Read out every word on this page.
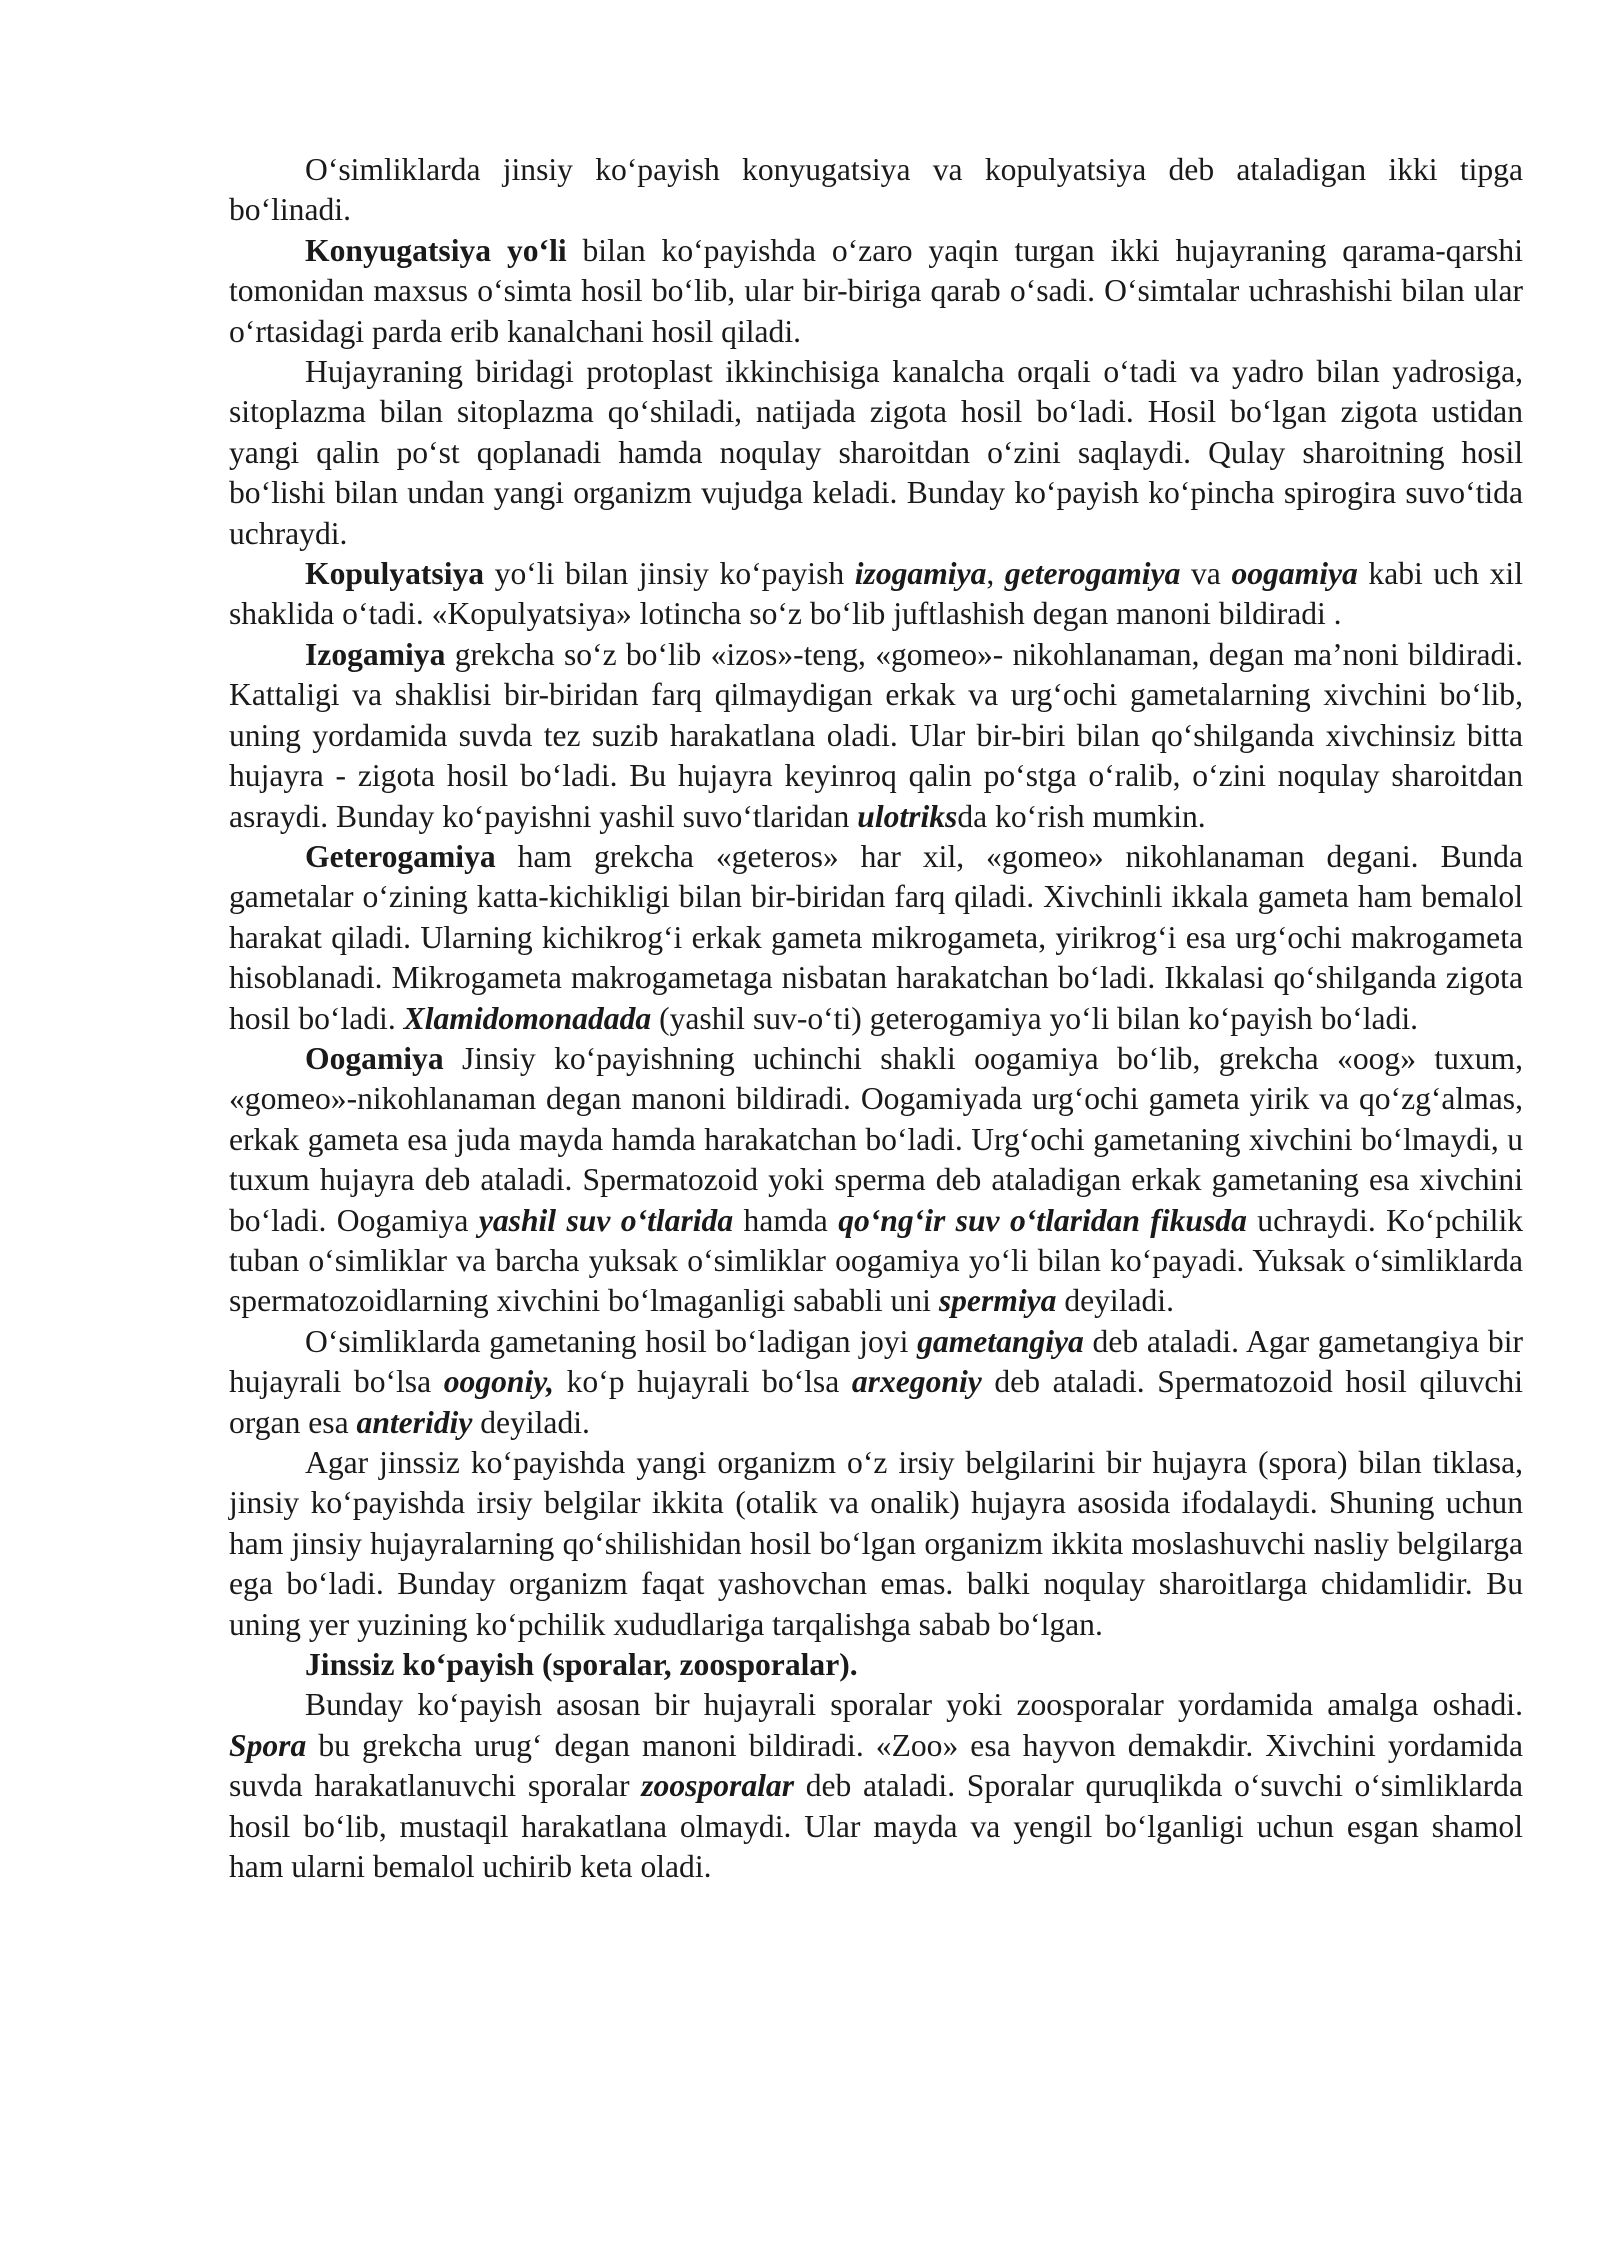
O‘simliklarda jinsiy ko‘payish konyugatsiya va kopulyatsiya deb ataladigan ikki tipga bo‘linadi.

Konyugatsiya yo‘li bilan ko‘payishda o‘zaro yaqin turgan ikki hujayraning qarama-qarshi tomonidan maxsus o‘simta hosil bo‘lib, ular bir-biriga qarab o‘sadi. O‘simtalar uchrashishi bilan ular o‘rtasidagi parda erib kanalchani hosil qiladi.

Hujayraning biridagi protoplast ikkinchisiga kanalcha orqali o‘tadi va yadro bilan yadrosiga, sitoplazma bilan sitoplazma qo‘shiladi, natijada zigota hosil bo‘ladi. Hosil bo‘lgan zigota ustidan yangi qalin po‘st qoplanadi hamda noqulay sharoitdan o‘zini saqlaydi. Qulay sharoitning hosil bo‘lishi bilan undan yangi organizm vujudga keladi. Bunday ko‘payish ko‘pincha spirogira suvo‘tida uchraydi.

Kopulyatsiya yo‘li bilan jinsiy ko‘payish izogamiya, geterogamiya va oogamiya kabi uch xil shaklida o‘tadi. «Kopulyatsiya» lotincha so‘z bo‘lib juftlashish degan manoni bildiradi .

Izogamiya grekcha so‘z bo‘lib «izos»-teng, «gomeo»- nikohlanaman, degan ma’noni bildiradi. Kattaligi va shaklisi bir-biridan farq qilmaydigan erkak va urg‘ochi gametalarning xivchini bo‘lib, uning yordamida suvda tez suzib harakatlana oladi. Ular bir-biri bilan qo‘shilganda xivchinsiz bitta hujayra - zigota hosil bo‘ladi. Bu hujayra keyinroq qalin po‘stga o‘ralib, o‘zini noqulay sharoitdan asraydi. Bunday ko‘payishni yashil suvo‘tlaridan ulotriksda ko‘rish mumkin.

Geterogamiya ham grekcha «geteros» har xil, «gomeo» nikohlanaman degani. Bunda gametalar o‘zining katta-kichikligi bilan bir-biridan farq qiladi. Xivchinli ikkala gameta ham bemalol harakat qiladi. Ularning kichikrog‘i erkak gameta mikrogameta, yirikrog‘i esa urg‘ochi makrogameta hisoblanadi. Mikrogameta makrogametaga nisbatan harakatchan bo‘ladi. Ikkalasi qo‘shilganda zigota hosil bo‘ladi. Xlamidomonadada (yashil suv-o‘ti) geterogamiya yo‘li bilan ko‘payish bo‘ladi.

Oogamiya Jinsiy ko‘payishning uchinchi shakli oogamiya bo‘lib, grekcha «oog» tuxum, «gomeo»-nikohlanaman degan manoni bildiradi. Oogamiyada urg‘ochi gameta yirik va qo‘zg‘almas, erkak gameta esa juda mayda hamda harakatchan bo‘ladi. Urg‘ochi gametaning xivchini bo‘lmaydi, u tuxum hujayra deb ataladi. Spermatozoid yoki sperma deb ataladigan erkak gametaning esa xivchini bo‘ladi. Oogamiya yashil suv o‘tlarida hamda qo‘ng‘ir suv o‘tlaridan fikusda uchraydi. Ko‘pchilik tuban o‘simliklar va barcha yuksak o‘simliklar oogamiya yo‘li bilan ko‘payadi. Yuksak o‘simliklarda spermatozoidlarning xivchini bo‘lmaganligi sababli uni spermiya deyiladi.

O‘simliklarda gametaning hosil bo‘ladigan joyi gametangiya deb ataladi. Agar gametangiya bir hujayrali bo‘lsa oogoniy, ko‘p hujayrali bo‘lsa arxegoniy deb ataladi. Spermatozoid hosil qiluvchi organ esa anteridiy deyiladi.

Agar jinssiz ko‘payishda yangi organizm o‘z irsiy belgilarini bir hujayra (spora) bilan tiklasa, jinsiy ko‘payishda irsiy belgilar ikkita (otalik va onalik) hujayra asosida ifodalaydi. Shuning uchun ham jinsiy hujayralarning qo‘shilishidan hosil bo‘lgan organizm ikkita moslashuvchi nasliy belgilarga ega bo‘ladi. Bunday organizm faqat yashovchan emas. balki noqulay sharoitlarga chidamlidir. Bu uning yer yuzining ko‘pchilik xududlariga tarqalishga sabab bo‘lgan.

Jinssiz ko‘payish (sporalar, zoosporalar).

Bunday ko‘payish asosan bir hujayrali sporalar yoki zoosporalar yordamida amalga oshadi. Spora bu grekcha urug‘ degan manoni bildiradi. «Zoo» esa hayvon demakdir. Xivchini yordamida suvda harakatlanuvchi sporalar zoosporalar deb ataladi. Sporalar quruqlikda o‘suvchi o‘simliklarda hosil bo‘lib, mustaqil harakatlana olmaydi. Ular mayda va yengil bo‘lganligi uchun esgan shamol ham ularni bemalol uchirib keta oladi.
